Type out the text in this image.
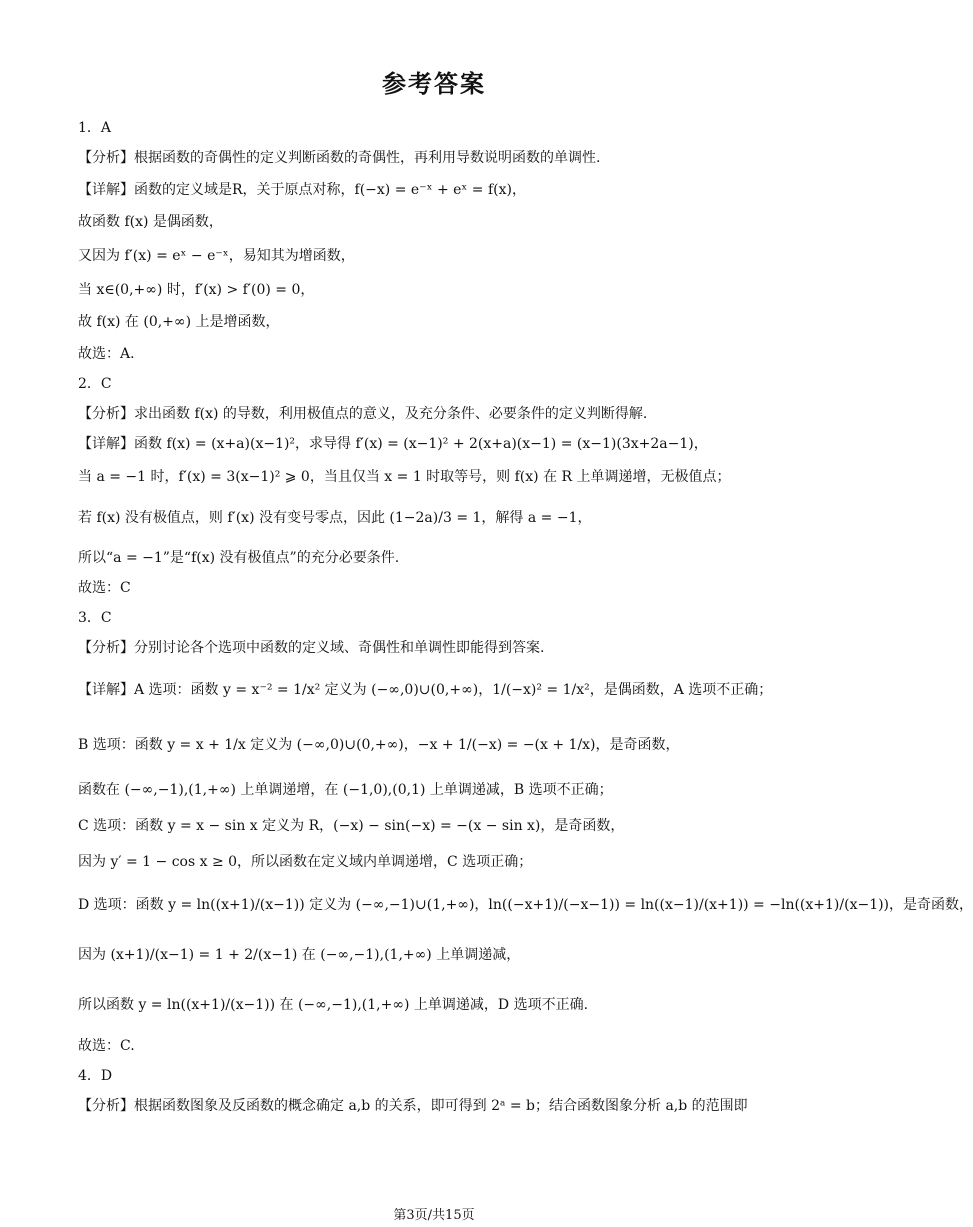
参考答案
1．A
【分析】根据函数的奇偶性的定义判断函数的奇偶性，再利用导数说明函数的单调性.
【详解】函数的定义域是R，关于原点对称，f(−x) = e⁻ˣ + eˣ = f(x)，
故函数 f(x) 是偶函数，
又因为 f′(x) = eˣ − e⁻ˣ，易知其为增函数，
当 x∈(0,+∞) 时，f′(x) > f′(0) = 0，
故 f(x) 在 (0,+∞) 上是增函数，
故选：A.
2．C
【分析】求出函数 f(x) 的导数，利用极值点的意义，及充分条件、必要条件的定义判断得解.
【详解】函数 f(x) = (x+a)(x−1)²，求导得 f′(x) = (x−1)² + 2(x+a)(x−1) = (x−1)(3x+2a−1)，
当 a = −1 时，f′(x) = 3(x−1)² ⩾ 0，当且仅当 x = 1 时取等号，则 f(x) 在 R 上单调递增，无极值点；
若 f(x) 没有极值点，则 f′(x) 没有变号零点，因此 (1−2a)/3 = 1，解得 a = −1，
所以“a = −1”是“f(x) 没有极值点”的充分必要条件.
故选：C
3．C
【分析】分别讨论各个选项中函数的定义域、奇偶性和单调性即能得到答案.
【详解】A 选项：函数 y = x⁻² = 1/x² 定义为 (−∞,0)∪(0,+∞)，1/(−x)² = 1/x²，是偶函数，A 选项不正确；
B 选项：函数 y = x + 1/x 定义为 (−∞,0)∪(0,+∞)，−x + 1/(−x) = −(x + 1/x)，是奇函数，
函数在 (−∞,−1),(1,+∞) 上单调递增，在 (−1,0),(0,1) 上单调递减，B 选项不正确；
C 选项：函数 y = x − sin x 定义为 R，(−x) − sin(−x) = −(x − sin x)，是奇函数，
因为 y′ = 1 − cos x ≥ 0，所以函数在定义域内单调递增，C 选项正确；
D 选项：函数 y = ln((x+1)/(x−1)) 定义为 (−∞,−1)∪(1,+∞)，ln((−x+1)/(−x−1)) = ln((x−1)/(x+1)) = −ln((x+1)/(x−1))，是奇函数，
因为 (x+1)/(x−1) = 1 + 2/(x−1) 在 (−∞,−1),(1,+∞) 上单调递减，
所以函数 y = ln((x+1)/(x−1)) 在 (−∞,−1),(1,+∞) 上单调递减，D 选项不正确.
故选：C.
4．D
【分析】根据函数图象及反函数的概念确定 a,b 的关系，即可得到 2ᵃ = b；结合函数图象分析 a,b 的范围即
第3页/共15页
